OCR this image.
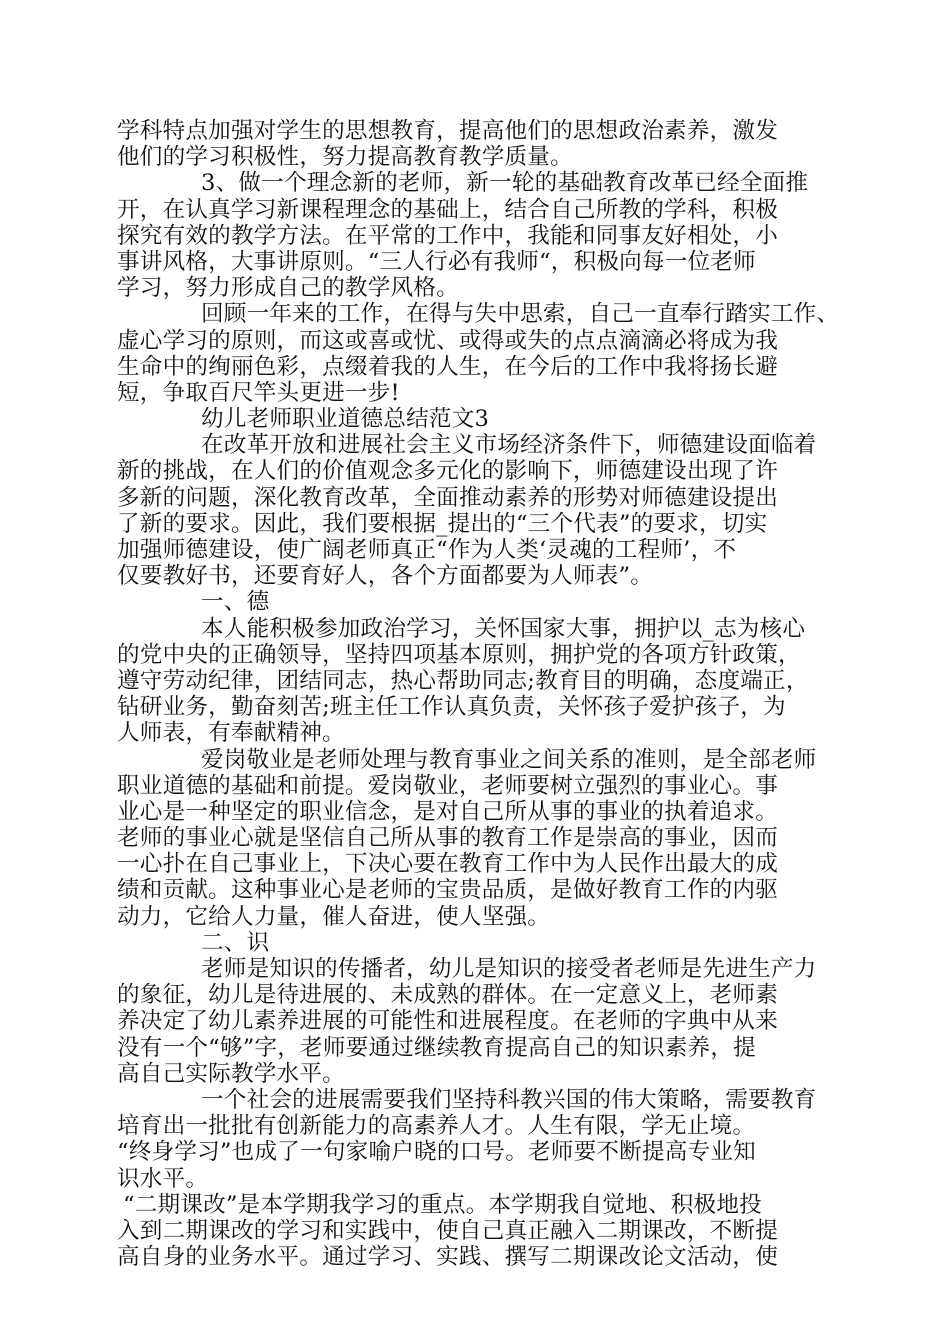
学科特点加强对学生的思想教育，提高他们的思想政治素养，激发
他们的学习积极性，努力提高教育教学质量。
3、做一个理念新的老师，新一轮的基础教育改革已经全面推
开，在认真学习新课程理念的基础上，结合自己所教的学科，积极
探究有效的教学方法。在平常的工作中，我能和同事友好相处，小
事讲风格，大事讲原则。“三人行必有我师“，积极向每一位老师
学习，努力形成自己的教学风格。
回顾一年来的工作，在得与失中思索，自己一直奉行踏实工作、
虚心学习的原则，而这或喜或忧、或得或失的点点滴滴必将成为我
生命中的绚丽色彩，点缀着我的人生，在今后的工作中我将扬长避
短，争取百尺竿头更进一步!
幼儿老师职业道德总结范文3
在改革开放和进展社会主义市场经济条件下，师德建设面临着
新的挑战，在人们的价值观念多元化的影响下，师德建设出现了许
多新的问题，深化教育改革，全面推动素养的形势对师德建设提出
了新的要求。因此，我们要根据_提出的“三个代表”的要求，切实
加强师德建设，使广阔老师真正“作为人类‘灵魂的工程师’，不
仅要教好书，还要育好人，各个方面都要为人师表”。
一、德
本人能积极参加政治学习，关怀国家大事，拥护以_志为核心
的党中央的正确领导，坚持四项基本原则，拥护党的各项方针政策，
遵守劳动纪律，团结同志，热心帮助同志;教育目的明确，态度端正，
钻研业务，勤奋刻苦;班主任工作认真负责，关怀孩子爱护孩子，为
人师表，有奉献精神。
爱岗敬业是老师处理与教育事业之间关系的准则，是全部老师
职业道德的基础和前提。爱岗敬业，老师要树立强烈的事业心。事
业心是一种坚定的职业信念，是对自己所从事的事业的执着追求。
老师的事业心就是坚信自己所从事的教育工作是崇高的事业，因而
一心扑在自己事业上，下决心要在教育工作中为人民作出最大的成
绩和贡献。这种事业心是老师的宝贵品质，是做好教育工作的内驱
动力，它给人力量，催人奋进，使人坚强。
二、识
老师是知识的传播者，幼儿是知识的接受者老师是先进生产力
的象征，幼儿是待进展的、未成熟的群体。在一定意义上，老师素
养决定了幼儿素养进展的可能性和进展程度。在老师的字典中从来
没有一个“够”字，老师要通过继续教育提高自己的知识素养，提
高自己实际教学水平。
一个社会的进展需要我们坚持科教兴国的伟大策略，需要教育
培育出一批批有创新能力的高素养人才。人生有限，学无止境。
“终身学习”也成了一句家喻户晓的口号。老师要不断提高专业知
识水平。
“二期课改”是本学期我学习的重点。本学期我自觉地、积极地投
入到二期课改的学习和实践中，使自己真正融入二期课改，不断提
高自身的业务水平。通过学习、实践、撰写二期课改论文活动，使
